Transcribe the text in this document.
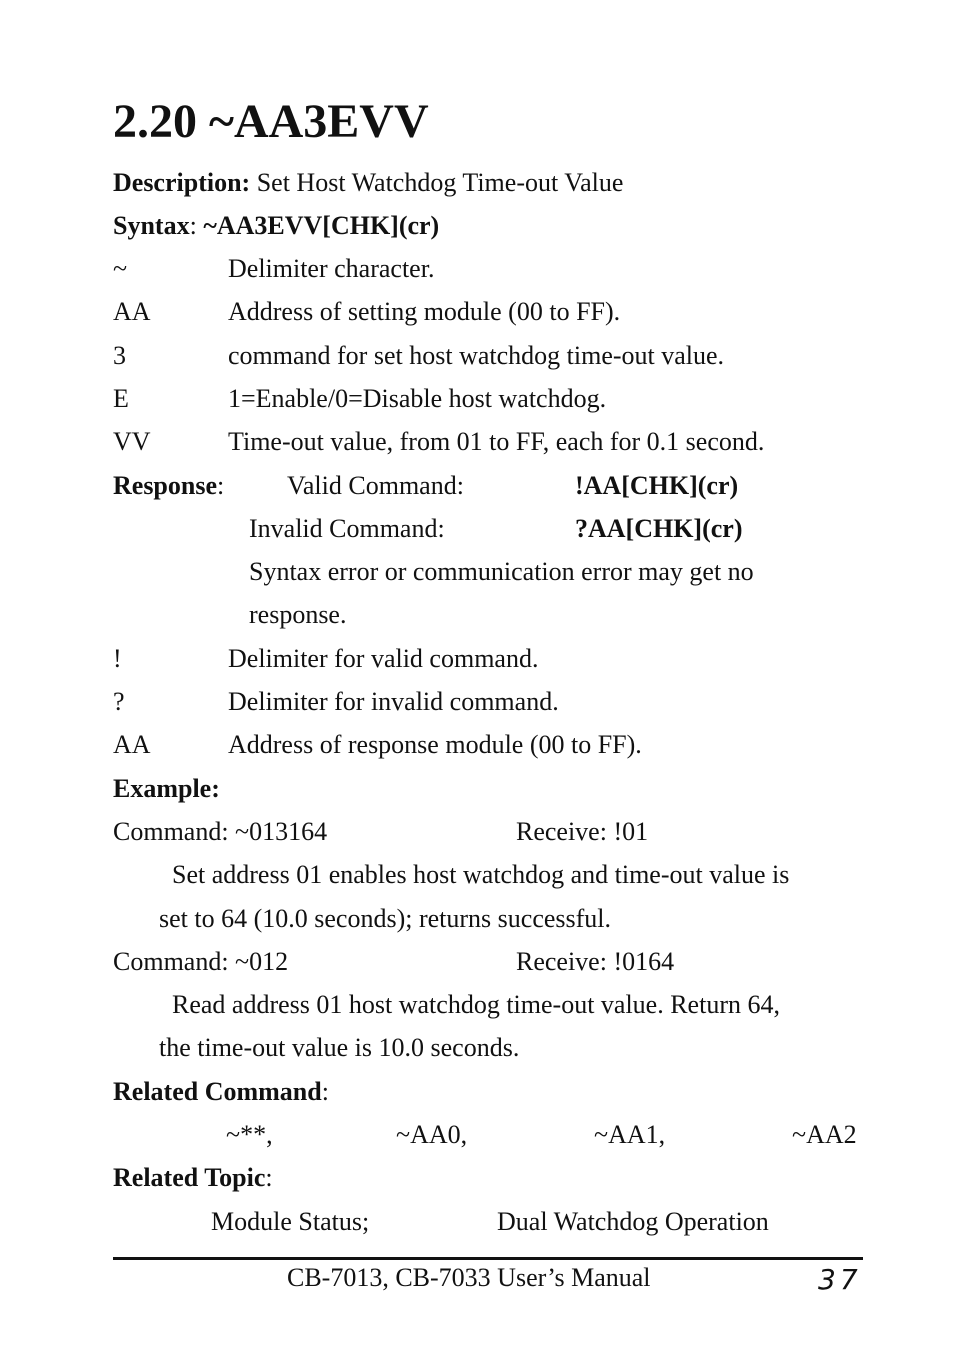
2.20 ~AA3EVV
Description: Set Host Watchdog Time-out Value
Syntax: ~AA3EVV[CHK](cr)
~	Delimiter character.
AA	Address of setting module (00 to FF).
3	command for set host watchdog time-out value.
E	1=Enable/0=Disable host watchdog.
VV	Time-out value, from 01 to FF, each for 0.1 second.
Response: Valid Command:	!AA[CHK](cr)
Invalid Command:	?AA[CHK](cr)
Syntax error or communication error may get no
response.
!	Delimiter for valid command.
?	Delimiter for invalid command.
AA	Address of response module (00 to FF).
Example:
Command: ~013164	Receive: !01
Set address 01 enables host watchdog and time-out value is
set to 64 (10.0 seconds); returns successful.
Command: ~012	Receive: !0164
Read address 01 host watchdog time-out value. Return 64,
the time-out value is 10.0 seconds.
Related Command:
~**,	~AA0,	~AA1,	~AA2
Related Topic:
Module Status;	Dual Watchdog Operation
CB-7013, CB-7033 User’s Manual	37
